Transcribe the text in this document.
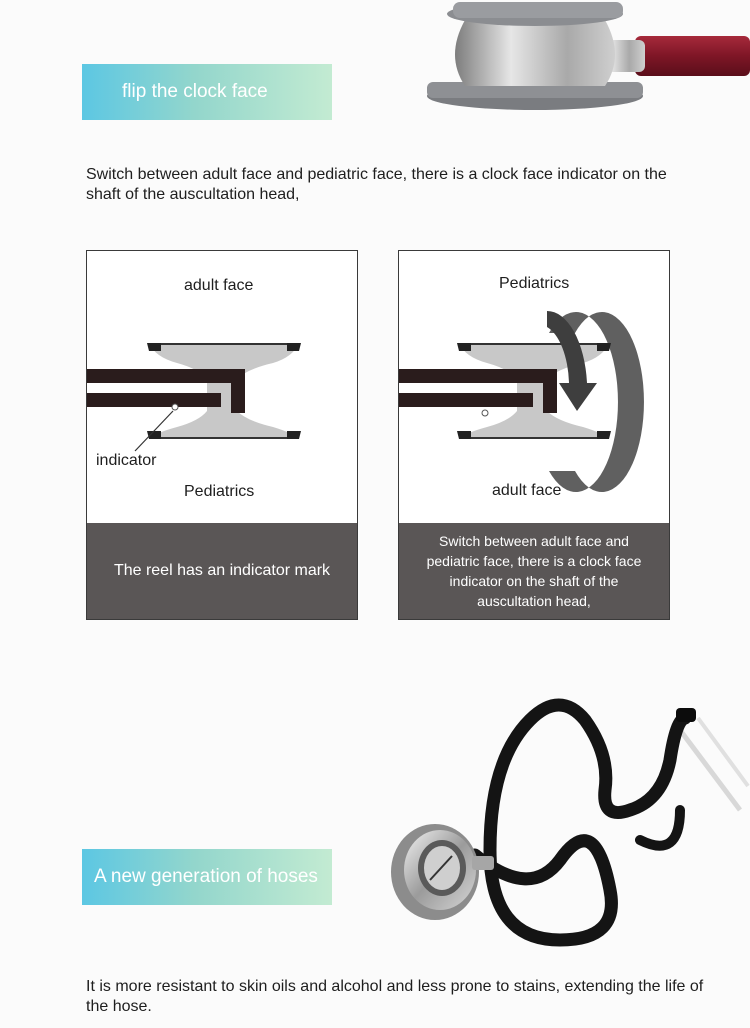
flip the clock face
Switch between adult face and pediatric face, there is a clock face indicator on the shaft of the auscultation head,
adult face
indicator
Pediatrics
The reel has an indicator mark
Pediatrics
adult face
Switch between adult face and pediatric face, there is a clock face indicator on the shaft of the auscultation head,
A new generation of hoses
It is more resistant to skin oils and alcohol and less prone to stains, extending the life of the hose.
